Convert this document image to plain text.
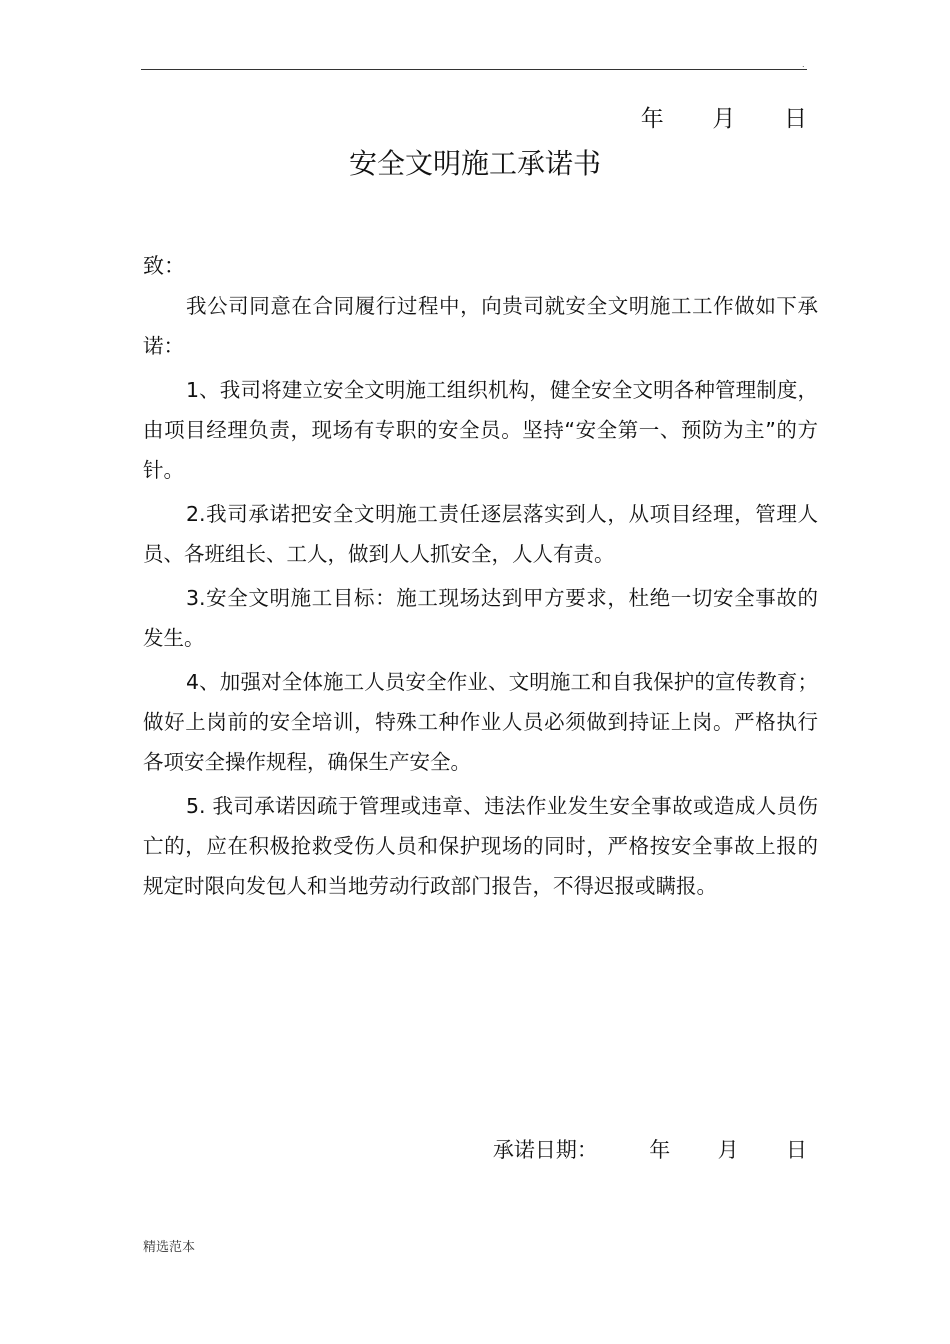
.
年 月 日
安全文明施工承诺书
致：

我公司同意在合同履行过程中，向贵司就安全文明施工工作做如下承诺：

1、我司将建立安全文明施工组织机构，健全安全文明各种管理制度，由项目经理负责，现场有专职的安全员。坚持“安全第一、预防为主”的方针。

2.我司承诺把安全文明施工责任逐层落实到人，从项目经理，管理人员、各班组长、工人，做到人人抓安全，人人有责。

3.安全文明施工目标：施工现场达到甲方要求，杜绝一切安全事故的发生。

4、加强对全体施工人员安全作业、文明施工和自我保护的宣传教育；做好上岗前的安全培训，特殊工种作业人员必须做到持证上岗。严格执行各项安全操作规程，确保生产安全。

5. 我司承诺因疏于管理或违章、违法作业发生安全事故或造成人员伤亡的，应在积极抢救受伤人员和保护现场的同时，严格按安全事故上报的规定时限向发包人和当地劳动行政部门报告，不得迟报或瞒报。

承诺日期： 年 月 日
精选范本
